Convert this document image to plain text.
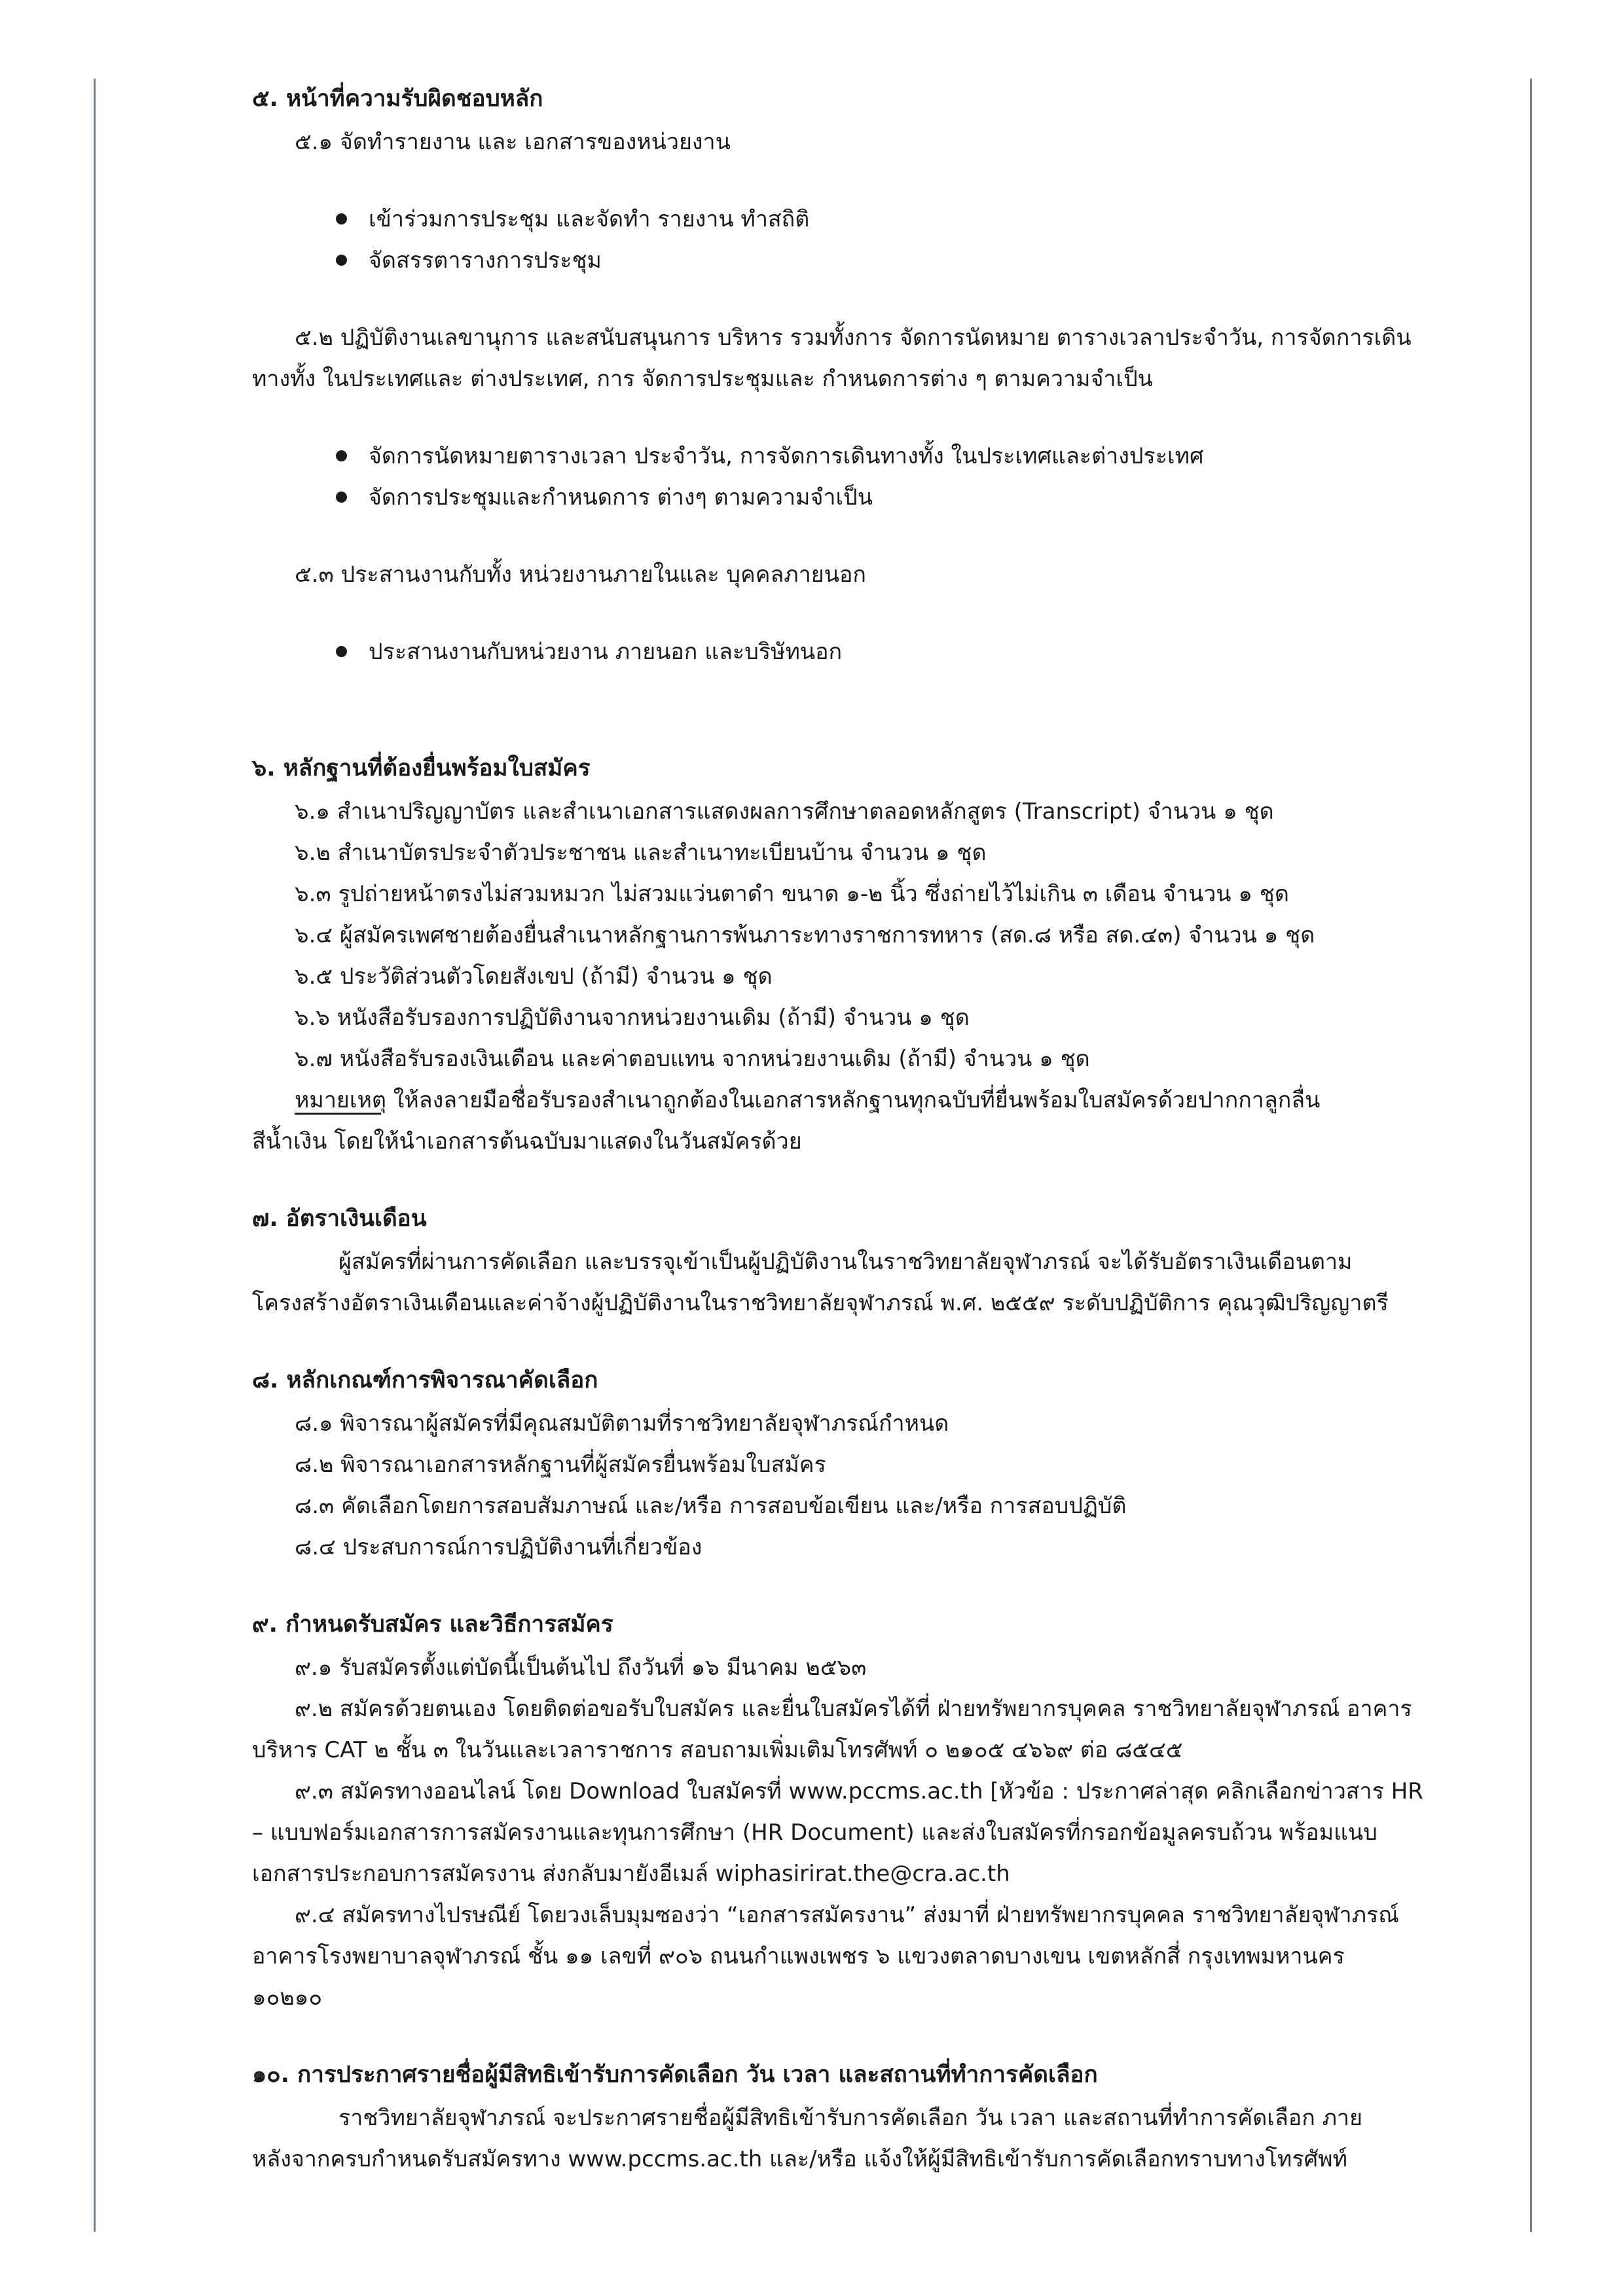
๕. หน้าที่ความรับผิดชอบหลัก
๕.๑ จัดทำรายงาน และ เอกสารของหน่วยงาน
เข้าร่วมการประชุม และจัดทำ รายงาน ทำสถิติ
จัดสรรตารางการประชุม
๕.๒ ปฏิบัติงานเลขานุการ และสนับสนุนการ บริหาร รวมทั้งการ จัดการนัดหมาย ตารางเวลาประจำวัน, การจัดการเดิน
ทางทั้ง ในประเทศและ ต่างประเทศ, การ จัดการประชุมและ กำหนดการต่าง ๆ ตามความจำเป็น
จัดการนัดหมายตารางเวลา ประจำวัน, การจัดการเดินทางทั้ง ในประเทศและต่างประเทศ
จัดการประชุมและกำหนดการ ต่างๆ ตามความจำเป็น
๕.๓ ประสานงานกับทั้ง หน่วยงานภายในและ บุคคลภายนอก
ประสานงานกับหน่วยงาน ภายนอก และบริษัทนอก
๖. หลักฐานที่ต้องยื่นพร้อมใบสมัคร
๖.๑ สำเนาปริญญาบัตร และสำเนาเอกสารแสดงผลการศึกษาตลอดหลักสูตร (Transcript) จำนวน ๑ ชุด
๖.๒ สำเนาบัตรประจำตัวประชาชน และสำเนาทะเบียนบ้าน จำนวน ๑ ชุด
๖.๓ รูปถ่ายหน้าตรงไม่สวมหมวก ไม่สวมแว่นตาดำ ขนาด ๑-๒ นิ้ว ซึ่งถ่ายไว้ไม่เกิน ๓ เดือน จำนวน ๑ ชุด
๖.๔ ผู้สมัครเพศชายต้องยื่นสำเนาหลักฐานการพ้นภาระทางราชการทหาร (สด.๘ หรือ สด.๔๓) จำนวน ๑ ชุด
๖.๕ ประวัติส่วนตัวโดยสังเขป (ถ้ามี) จำนวน ๑ ชุด
๖.๖ หนังสือรับรองการปฏิบัติงานจากหน่วยงานเดิม (ถ้ามี) จำนวน ๑ ชุด
๖.๗ หนังสือรับรองเงินเดือน และค่าตอบแทน จากหน่วยงานเดิม (ถ้ามี) จำนวน ๑ ชุด
หมายเหตุ ให้ลงลายมือชื่อรับรองสำเนาถูกต้องในเอกสารหลักฐานทุกฉบับที่ยื่นพร้อมใบสมัครด้วยปากกาลูกลื่น
สีน้ำเงิน โดยให้นำเอกสารต้นฉบับมาแสดงในวันสมัครด้วย
๗. อัตราเงินเดือน
ผู้สมัครที่ผ่านการคัดเลือก และบรรจุเข้าเป็นผู้ปฏิบัติงานในราชวิทยาลัยจุฬาภรณ์ จะได้รับอัตราเงินเดือนตาม
โครงสร้างอัตราเงินเดือนและค่าจ้างผู้ปฏิบัติงานในราชวิทยาลัยจุฬาภรณ์ พ.ศ. ๒๕๕๙ ระดับปฏิบัติการ คุณวุฒิปริญญาตรี
๘. หลักเกณฑ์การพิจารณาคัดเลือก
๘.๑ พิจารณาผู้สมัครที่มีคุณสมบัติตามที่ราชวิทยาลัยจุฬาภรณ์กำหนด
๘.๒ พิจารณาเอกสารหลักฐานที่ผู้สมัครยื่นพร้อมใบสมัคร
๘.๓ คัดเลือกโดยการสอบสัมภาษณ์ และ/หรือ การสอบข้อเขียน และ/หรือ การสอบปฏิบัติ
๘.๔ ประสบการณ์การปฏิบัติงานที่เกี่ยวข้อง
๙. กำหนดรับสมัคร และวิธีการสมัคร
๙.๑ รับสมัครตั้งแต่บัดนี้เป็นต้นไป ถึงวันที่ ๑๖ มีนาคม ๒๕๖๓
๙.๒ สมัครด้วยตนเอง โดยติดต่อขอรับใบสมัคร และยื่นใบสมัครได้ที่ ฝ่ายทรัพยากรบุคคล ราชวิทยาลัยจุฬาภรณ์ อาคาร
บริหาร CAT ๒ ชั้น ๓ ในวันและเวลาราชการ สอบถามเพิ่มเติมโทรศัพท์ ๐ ๒๑๐๕ ๔๖๖๙ ต่อ ๘๕๔๕
๙.๓ สมัครทางออนไลน์ โดย Download ใบสมัครที่ www.pccms.ac.th [หัวข้อ : ประกาศล่าสุด คลิกเลือกข่าวสาร HR
– แบบฟอร์มเอกสารการสมัครงานและทุนการศึกษา (HR Document) และส่งใบสมัครที่กรอกข้อมูลครบถ้วน พร้อมแนบ
เอกสารประกอบการสมัครงาน ส่งกลับมายังอีเมล์ wiphasirirat.the@cra.ac.th
๙.๔ สมัครทางไปรษณีย์ โดยวงเล็บมุมซองว่า “เอกสารสมัครงาน” ส่งมาที่ ฝ่ายทรัพยากรบุคคล ราชวิทยาลัยจุฬาภรณ์
อาคารโรงพยาบาลจุฬาภรณ์ ชั้น ๑๑ เลขที่ ๙๐๖ ถนนกำแพงเพชร ๖ แขวงตลาดบางเขน เขตหลักสี่ กรุงเทพมหานคร
๑๐๒๑๐
๑๐. การประกาศรายชื่อผู้มีสิทธิเข้ารับการคัดเลือก วัน เวลา และสถานที่ทำการคัดเลือก
ราชวิทยาลัยจุฬาภรณ์ จะประกาศรายชื่อผู้มีสิทธิเข้ารับการคัดเลือก วัน เวลา และสถานที่ทำการคัดเลือก ภาย
หลังจากครบกำหนดรับสมัครทาง www.pccms.ac.th และ/หรือ แจ้งให้ผู้มีสิทธิเข้ารับการคัดเลือกทราบทางโทรศัพท์
